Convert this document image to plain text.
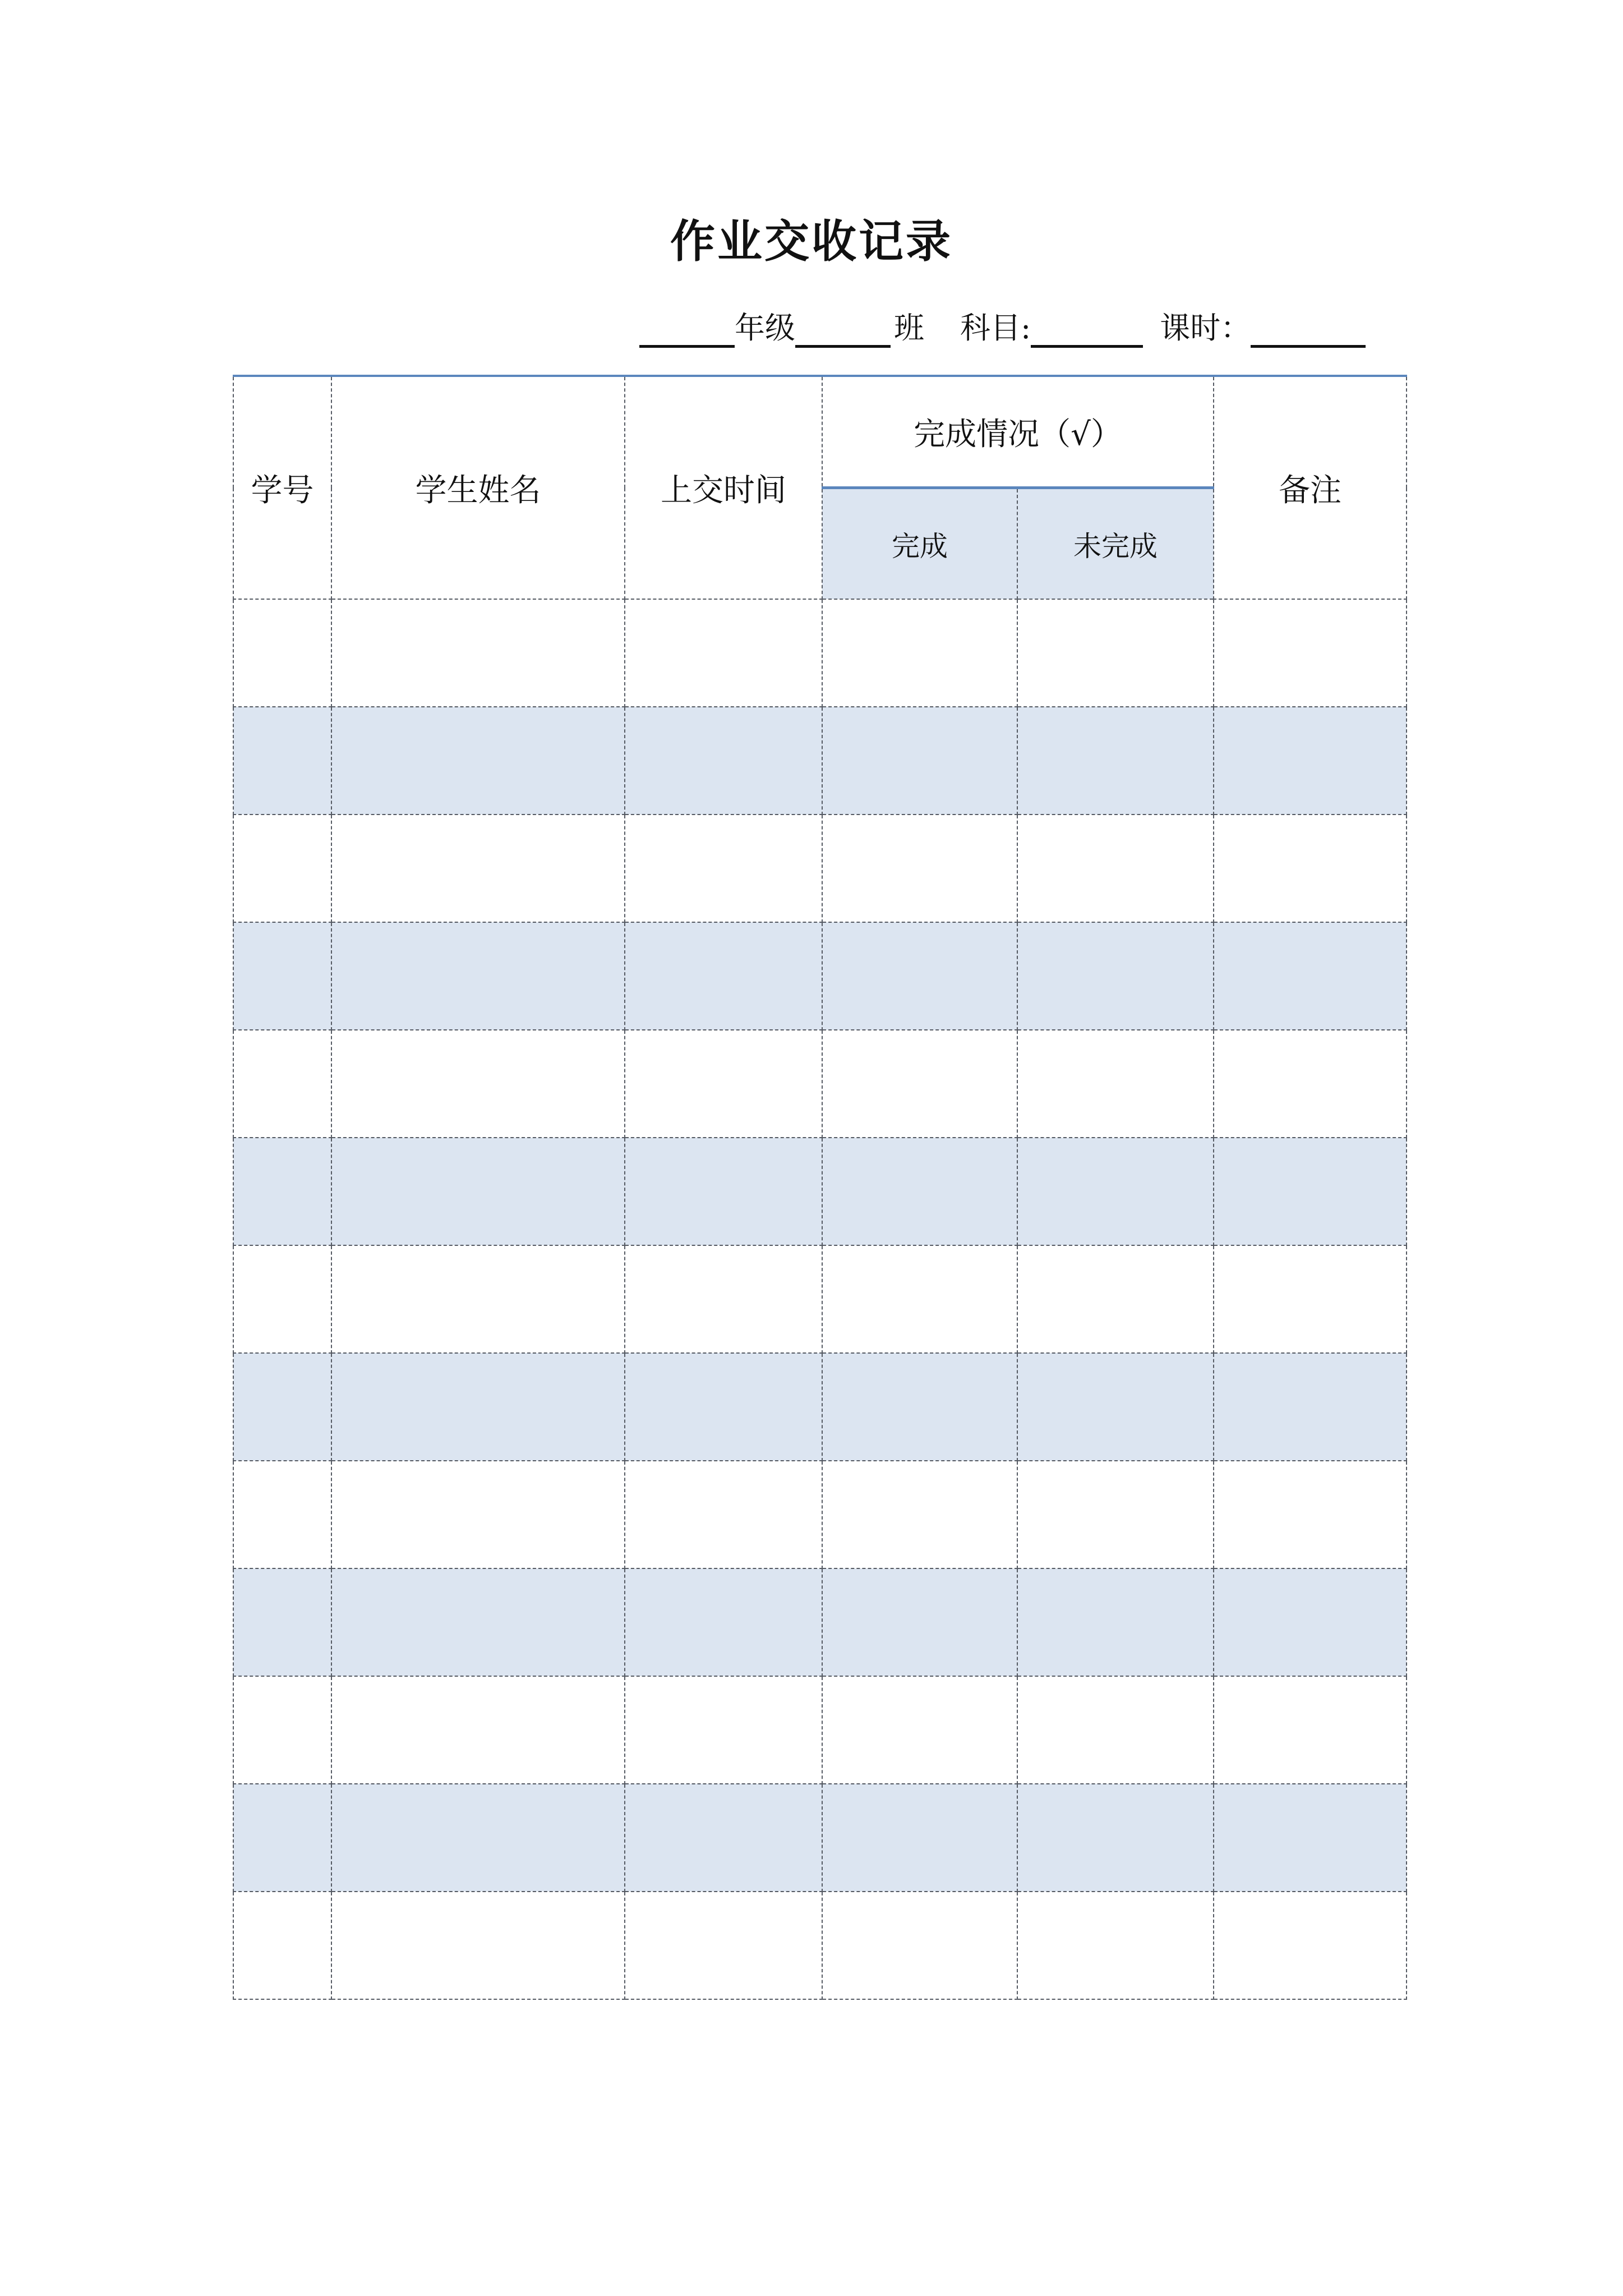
作业交收记录
年级	班 科目:	课时：
学号	学生姓名	上交时间	完成情况（√）		备注
			完成	未完成	
